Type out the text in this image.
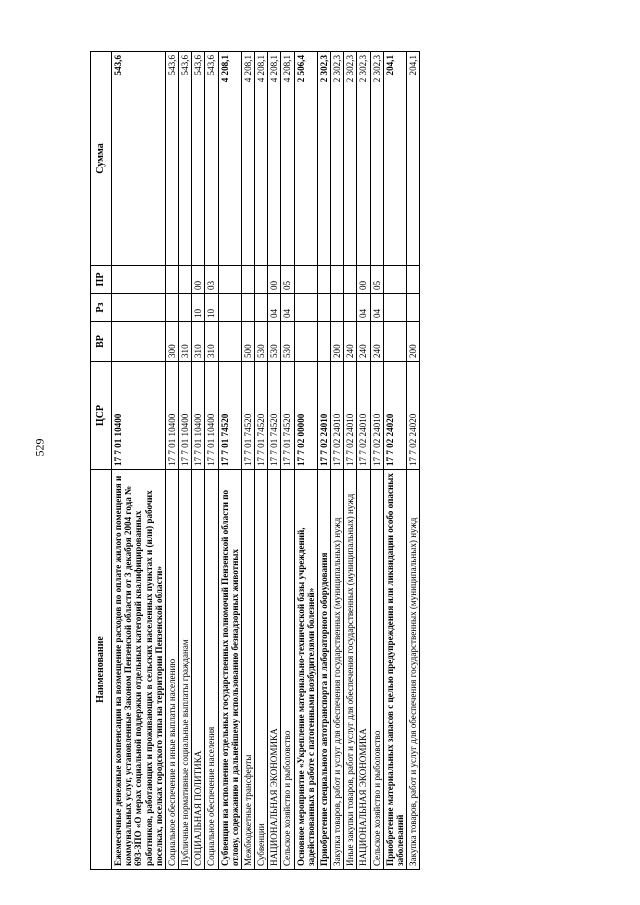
529
Наименование	ЦСР	ВР	Рз	ПР	Сумма
Ежемесячные денежные компенсации на возмещение расходов по оплате жилого помещения и коммунальных услуг, установленные Законом Пензенской области от 3 декабря 2004 года № 693-ЗПО «О мерах социальной поддержки отдельных категорий квалифицированных работников, работающих и проживающих в сельских населенных пунктах и (или) рабочих поселках, поселках городского типа на территории Пензенской области»	17 7 01 10400				543,6
Социальное обеспечение и иные выплаты населению	17 7 01 10400	300			543,6
Публичные нормативные социальные выплаты гражданам	17 7 01 10400	310			543,6
СОЦИАЛЬНАЯ ПОЛИТИКА	17 7 01 10400	310	10	00	543,6
Социальное обеспечение населения	17 7 01 10400	310	10	03	543,6
Субвенции на исполнение отдельных государственных полномочий Пензенской области по отлову, содержанию и дальнейшему использованию безнадзорных животных	17 7 01 74520				4 208,1
Межбюджетные трансферты	17 7 01 74520	500			4 208,1
Субвенции	17 7 01 74520	530			4 208,1
НАЦИОНАЛЬНАЯ ЭКОНОМИКА	17 7 01 74520	530	04	00	4 208,1
Сельское хозяйство и рыболовство	17 7 01 74520	530	04	05	4 208,1
Основное мероприятие «Укрепление материально-технической базы учреждений, задействованных в работе с патогенными возбудителями болезней»	17 7 02 00000				2 506,4
Приобретение специального автотранспорта и лабораторного оборудования	17 7 02 24010				2 302,3
Закупка товаров, работ и услуг для обеспечения государственных (муниципальных) нужд	17 7 02 24010	200			2 302,3
Иные закупки товаров, работ и услуг для обеспечения государственных (муниципальных) нужд	17 7 02 24010	240			2 302,3
НАЦИОНАЛЬНАЯ ЭКОНОМИКА	17 7 02 24010	240	04	00	2 302,3
Сельское хозяйство и рыболовство	17 7 02 24010	240	04	05	2 302,3
Приобретение материальных запасов с целью предупреждения или ликвидации особо опасных заболеваний	17 7 02 24020				204,1
Закупка товаров, работ и услуг для обеспечения государственных (муниципальных) нужд	17 7 02 24020	200			204,1
